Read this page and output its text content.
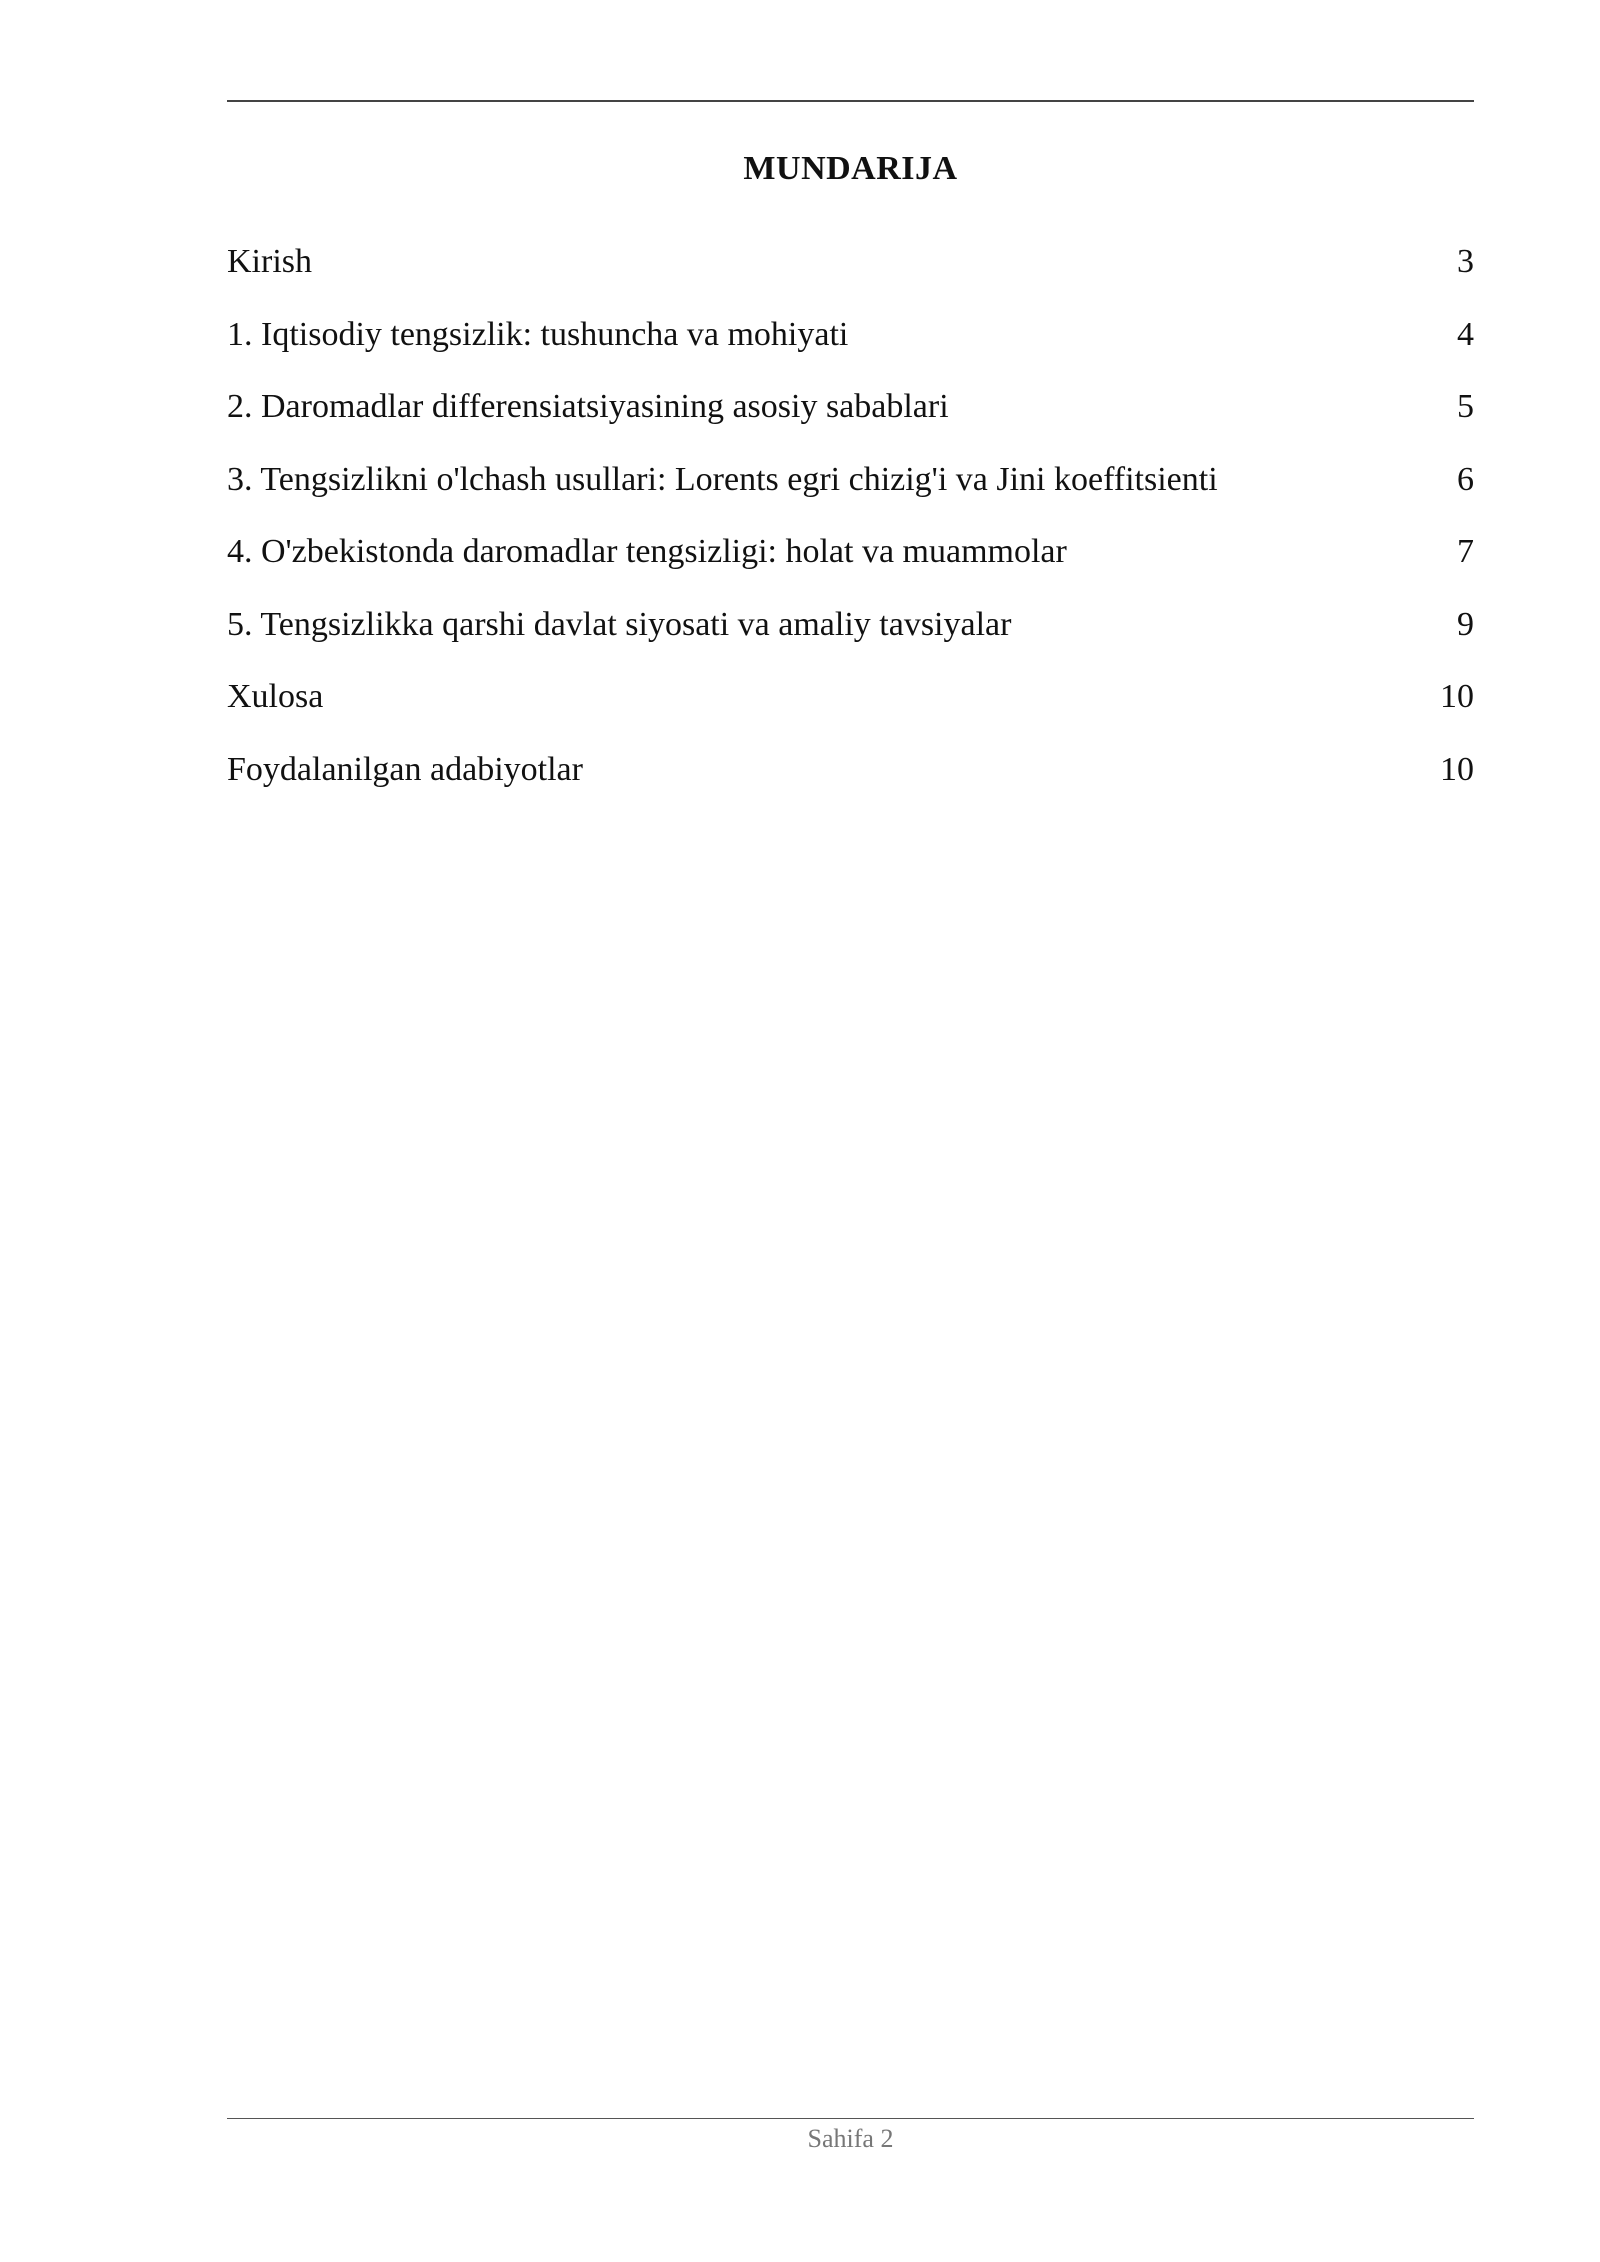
MUNDARIJA
Kirish	3
1. Iqtisodiy tengsizlik: tushuncha va mohiyati	4
2. Daromadlar differensiatsiyasining asosiy sabablari	5
3. Tengsizlikni o'lchash usullari: Lorents egri chizig'i va Jini koeffitsienti	6
4. O'zbekistonda daromadlar tengsizligi: holat va muammolar	7
5. Tengsizlikka qarshi davlat siyosati va amaliy tavsiyalar	9
Xulosa	10
Foydalanilgan adabiyotlar	10
Sahifa 2
